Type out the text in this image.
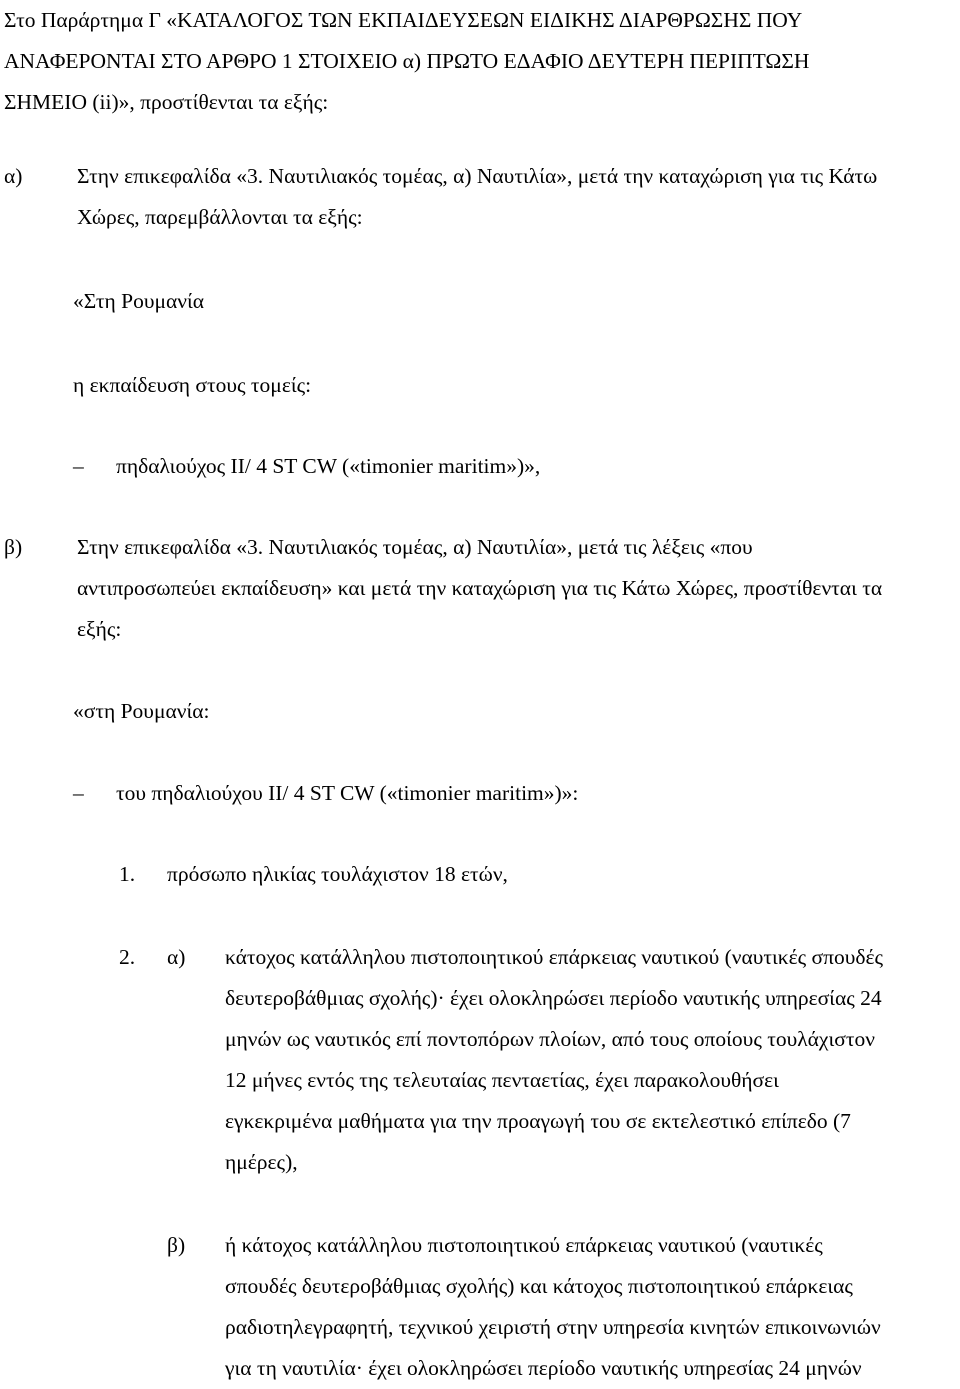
Στο Παράρτημα Γ «ΚΑΤΑΛΟΓΟΣ ΤΩΝ ΕΚΠΑΙΔΕΥΣΕΩΝ ΕΙΔΙΚΗΣ ΔΙΑΡΘΡΩΣΗΣ ΠΟΥ

ΑΝΑΦΕΡΟΝΤΑΙ ΣΤΟ ΑΡΘΡΟ 1 ΣΤΟΙΧΕΙΟ α) ΠΡΩΤΟ ΕΔΑΦΙΟ ΔΕΥΤΕΡΗ ΠΕΡΙΠΤΩΣΗ

ΣΗΜΕΙΟ (ii)», προστίθενται τα εξής:

α)	Στην επικεφαλίδα «3. Ναυτιλιακός τομέας, α) Ναυτιλία», μετά την καταχώριση για τις Κάτω

Χώρες, παρεμβάλλονται τα εξής:

«Στη Ρουμανία

η εκπαίδευση στους τομείς:

–	πηδαλιούχος ΙΙ/ 4 ST CW («timonier maritim»)»,
β)	Στην επικεφαλίδα «3. Ναυτιλιακός τομέας, α) Ναυτιλία», μετά τις λέξεις «που

αντιπροσωπεύει εκπαίδευση» και μετά την καταχώριση για τις Κάτω Χώρες, προστίθενται τα

εξής:

«στη Ρουμανία:

–	του πηδαλιούχου ΙΙ/ 4 ST CW («timonier maritim»)»:
1.	πρόσωπο ηλικίας τουλάχιστον 18 ετών,
2.	α)	κάτοχος κατάλληλου πιστοποιητικού επάρκειας ναυτικού (ναυτικές σπουδές

δευτεροβάθμιας σχολής)· έχει ολοκληρώσει περίοδο ναυτικής υπηρεσίας 24

μηνών ως ναυτικός επί ποντοπόρων πλοίων, από τους οποίους τουλάχιστον

12 μήνες εντός της τελευταίας πενταετίας, έχει παρακολουθήσει

εγκεκριμένα μαθήματα για την προαγωγή του σε εκτελεστικό επίπεδο (7

ημέρες),

β)	ή κάτοχος κατάλληλου πιστοποιητικού επάρκειας ναυτικού (ναυτικές

σπουδές δευτεροβάθμιας σχολής) και κάτοχος πιστοποιητικού επάρκειας

ραδιοτηλεγραφητή, τεχνικού χειριστή στην υπηρεσία κινητών επικοινωνιών

για τη ναυτιλία· έχει ολοκληρώσει περίοδο ναυτικής υπηρεσίας 24 μηνών
